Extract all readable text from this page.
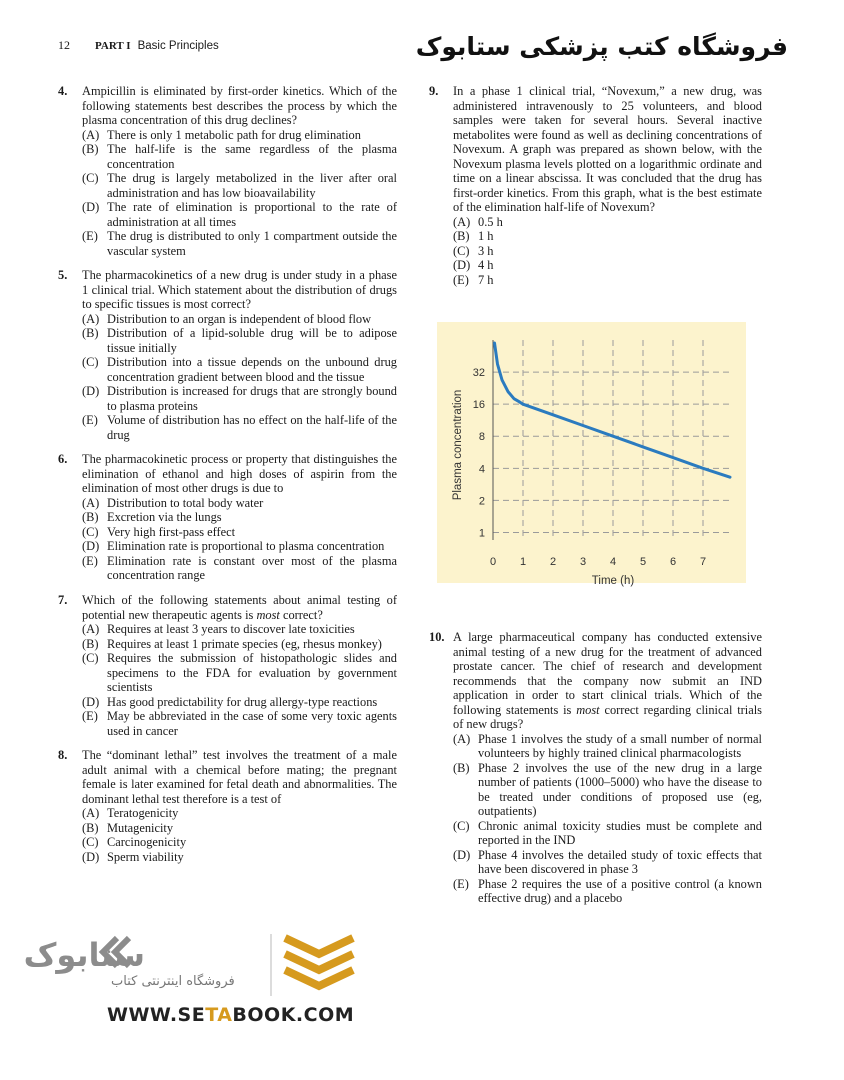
12 PART I Basic Principles	فروشگاه کتب پزشکی ستابوک
4. Ampicillin is eliminated by first-order kinetics. Which of the following statements best describes the process by which the plasma concentration of this drug declines?
(A) There is only 1 metabolic path for drug elimination
(B) The half-life is the same regardless of the plasma concentration
(C) The drug is largely metabolized in the liver after oral administration and has low bioavailability
(D) The rate of elimination is proportional to the rate of administration at all times
(E) The drug is distributed to only 1 compartment outside the vascular system
5. The pharmacokinetics of a new drug is under study in a phase 1 clinical trial. Which statement about the distribution of drugs to specific tissues is most correct?
(A) Distribution to an organ is independent of blood flow
(B) Distribution of a lipid-soluble drug will be to adipose tissue initially
(C) Distribution into a tissue depends on the unbound drug concentration gradient between blood and the tissue
(D) Distribution is increased for drugs that are strongly bound to plasma proteins
(E) Volume of distribution has no effect on the half-life of the drug
6. The pharmacokinetic process or property that distinguishes the elimination of ethanol and high doses of aspirin from the elimination of most other drugs is due to
(A) Distribution to total body water
(B) Excretion via the lungs
(C) Very high first-pass effect
(D) Elimination rate is proportional to plasma concentration
(E) Elimination rate is constant over most of the plasma concentration range
7. Which of the following statements about animal testing of potential new therapeutic agents is most correct?
(A) Requires at least 3 years to discover late toxicities
(B) Requires at least 1 primate species (eg, rhesus monkey)
(C) Requires the submission of histopathologic slides and specimens to the FDA for evaluation by government scientists
(D) Has good predictability for drug allergy-type reactions
(E) May be abbreviated in the case of some very toxic agents used in cancer
8. The “dominant lethal” test involves the treatment of a male adult animal with a chemical before mating; the pregnant female is later examined for fetal death and abnormalities. The dominant lethal test therefore is a test of
(A) Teratogenicity
(B) Mutagenicity
(C) Carcinogenicity
(D) Sperm viability
9. In a phase 1 clinical trial, “Novexum,” a new drug, was administered intravenously to 25 volunteers, and blood samples were taken for several hours. Several inactive metabolites were found as well as declining concentrations of Novexum. A graph was prepared as shown below, with the Novexum plasma levels plotted on a logarithmic ordinate and time on a linear abscissa. It was concluded that the drug has first-order kinetics. From this graph, what is the best estimate of the elimination half-life of Novexum?
(A) 0.5 h
(B) 1 h
(C) 3 h
(D) 4 h
(E) 7 h
10. A large pharmaceutical company has conducted extensive animal testing of a new drug for the treatment of advanced prostate cancer. The chief of research and development recommends that the company now submit an IND application in order to start clinical trials. Which of the following statements is most correct regarding clinical trials of new drugs?
(A) Phase 1 involves the study of a small number of normal volunteers by highly trained clinical pharmacologists
(B) Phase 2 involves the use of the new drug in a large number of patients (1000–5000) who have the disease to be treated under conditions of proposed use (eg, outpatients)
(C) Chronic animal toxicity studies must be complete and reported in the IND
(D) Phase 4 involves the detailed study of toxic effects that have been discovered in phase 3
(E) Phase 2 requires the use of a positive control (a known effective drug) and a placebo
1
2
4
8
16
32
0 1 2 3 4 5 6 7
Time (h)
Plasma concentration
ستابوک
فروشگاه اینترنتی کتاب
WWW.SETABOOK.COM
